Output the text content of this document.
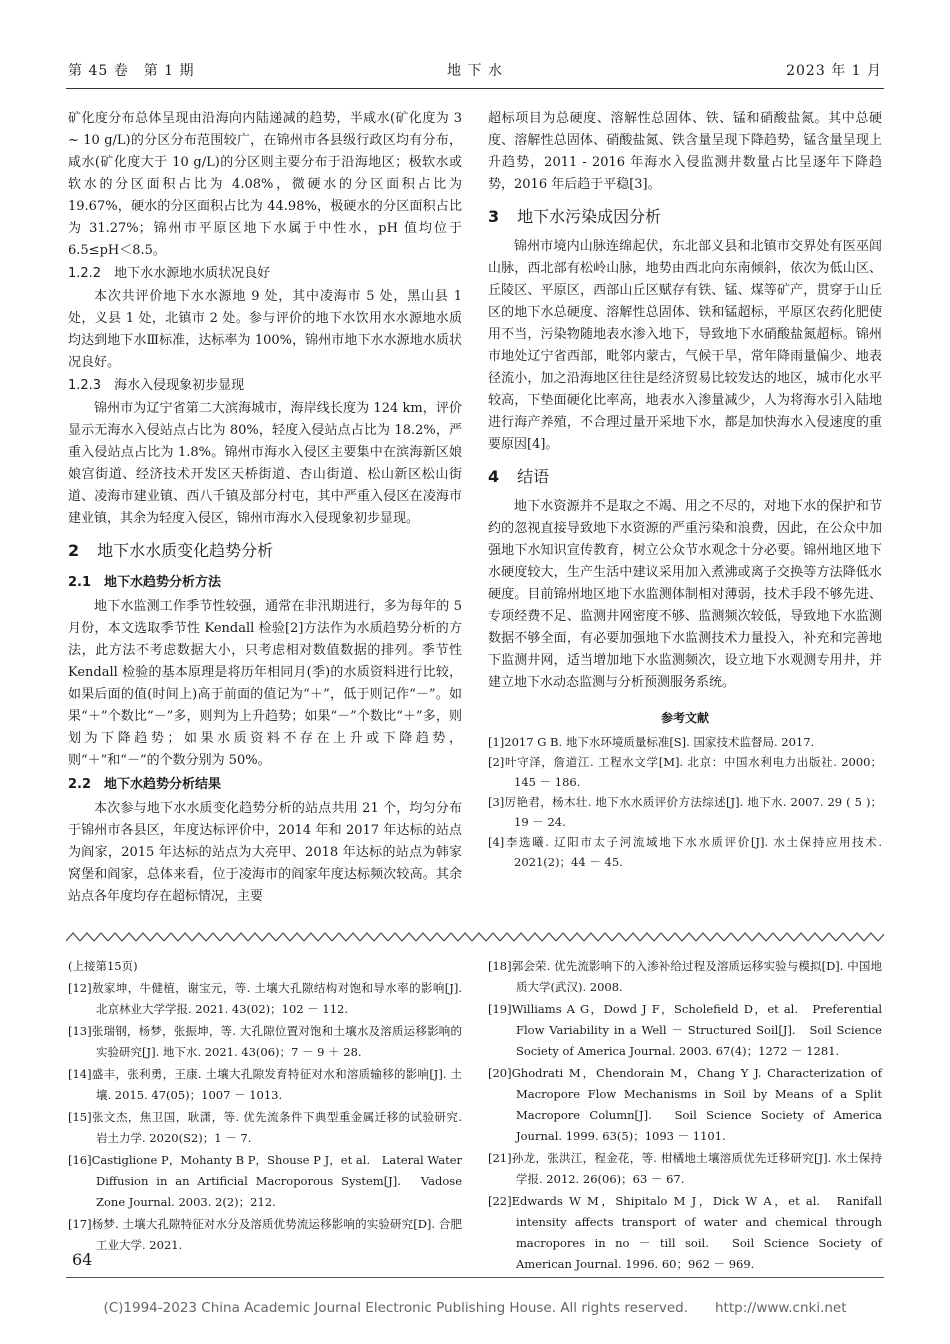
第 45 卷　第 1 期	地 下 水	2023 年 1 月

矿化度分布总体呈现由沿海向内陆递减的趋势，半咸水(矿化度为 3 ~ 10 g/L)的分区分布范围较广，在锦州市各县级行政区均有分布，咸水(矿化度大于 10 g/L)的分区则主要分布于沿海地区；极软水或软水的分区面积占比为 4.08%，微硬水的分区面积占比为 19.67%，硬水的分区面积占比为 44.98%，极硬水的分区面积占比为 31.27%；锦州市平原区地下水属于中性水，pH 值均位于 6.5≤pH＜8.5。

1.2.2　地下水水源地水质状况良好

本次共评价地下水水源地 9 处，其中凌海市 5 处，黑山县 1 处，义县 1 处，北镇市 2 处。参与评价的地下水饮用水水源地水质均达到地下水Ⅲ标准，达标率为 100%，锦州市地下水水源地水质状况良好。

1.2.3　海水入侵现象初步显现

锦州市为辽宁省第二大滨海城市，海岸线长度为 124 km，评价显示无海水入侵站点占比为 80%，轻度入侵站点占比为 18.2%，严重入侵站点占比为 1.8%。锦州市海水入侵区主要集中在滨海新区娘娘宫街道、经济技术开发区天桥街道、杏山街道、松山新区松山街道、凌海市建业镇、西八千镇及部分村屯，其中严重入侵区在凌海市建业镇，其余为轻度入侵区，锦州市海水入侵现象初步显现。

2 地下水水质变化趋势分析

2.1　地下水趋势分析方法

地下水监测工作季节性较强，通常在非汛期进行，多为每年的 5 月份，本文选取季节性 Kendall 检验[2]方法作为水质趋势分析的方法，此方法不考虑数据大小，只考虑相对数值数据的排列。季节性 Kendall 检验的基本原理是将历年相同月(季)的水质资料进行比较，如果后面的值(时间上)高于前面的值记为“＋”，低于则记作“－”。如果“＋”个数比“－”多，则判为上升趋势；如果“－”个数比“＋”多，则划为下降趋势；如果水质资料不存在上升或下降趋势，则“＋”和“－”的个数分别为 50%。

2.2　地下水趋势分析结果

本次参与地下水水质变化趋势分析的站点共用 21 个，均匀分布于锦州市各县区，年度达标评价中，2014 年和 2017 年达标的站点为阎家，2015 年达标的站点为大亮甲、2018 年达标的站点为韩家窝堡和阎家，总体来看，位于凌海市的阎家年度达标频次较高。其余站点各年度均存在超标情况，主要

超标项目为总硬度、溶解性总固体、铁、锰和硝酸盐氮。其中总硬度、溶解性总固体、硝酸盐氮、铁含量呈现下降趋势，锰含量呈现上升趋势，2011 - 2016 年海水入侵监测井数量占比呈逐年下降趋势，2016 年后趋于平稳[3]。

3 地下水污染成因分析

锦州市境内山脉连绵起伏，东北部义县和北镇市交界处有医巫闾山脉，西北部有松岭山脉，地势由西北向东南倾斜，依次为低山区、丘陵区、平原区，西部山丘区赋存有铁、锰、煤等矿产，贯穿于山丘区的地下水总硬度、溶解性总固体、铁和锰超标，平原区农药化肥使用不当，污染物随地表水渗入地下，导致地下水硝酸盐氮超标。锦州市地处辽宁省西部，毗邻内蒙古，气候干旱，常年降雨量偏少、地表径流小，加之沿海地区往往是经济贸易比较发达的地区，城市化水平较高，下垫面硬化比率高，地表水入渗量减少，人为将海水引入陆地进行海产养殖，不合理过量开采地下水，都是加快海水入侵速度的重要原因[4]。

4 结语

地下水资源并不是取之不竭、用之不尽的，对地下水的保护和节约的忽视直接导致地下水资源的严重污染和浪费，因此，在公众中加强地下水知识宣传教育，树立公众节水观念十分必要。锦州地区地下水硬度较大，生产生活中建议采用加入煮沸或离子交换等方法降低水硬度。目前锦州地区地下水监测体制相对薄弱，技术手段不够先进、专项经费不足、监测井网密度不够、监测频次较低，导致地下水监测数据不够全面，有必要加强地下水监测技术力量投入，补充和完善地下监测井网，适当增加地下水监测频次，设立地下水观测专用井，并建立地下水动态监测与分析预测服务系统。

参考文献

[1]2017 G B. 地下水环境质量标准[S]. 国家技术监督局. 2017.

[2]叶守泽，詹道江. 工程水文学[M]. 北京：中国水利电力出版社. 2000；145 － 186.

[3]厉艳君，杨木壮. 地下水水质评价方法综述[J]. 地下水. 2007. 29 ( 5 )；19 － 24.

[4]李选曦. 辽阳市太子河流域地下水水质评价[J]. 水土保持应用技术. 2021(2)；44 － 45.

(上接第15页)

[12]敖家坤，牛健植，谢宝元，等. 土壤大孔隙结构对饱和导水率的影响[J]. 北京林业大学学报. 2021. 43(02)；102 － 112.

[13]张瑞钢，杨梦，张振坤，等. 大孔隙位置对饱和土壤水及溶质运移影响的实验研究[J]. 地下水. 2021. 43(06)；7 － 9 ＋ 28.

[14]盛丰，张利勇，王康. 土壤大孔隙发育特征对水和溶质输移的影响[J]. 土壤. 2015. 47(05)；1007 － 1013.

[15]张文杰，焦卫国，耿潇，等. 优先流条件下典型重金属迁移的试验研究. 岩土力学. 2020(S2)；1 － 7.

[16]Castiglione P，Mohanty B P，Shouse P J，et al.　Lateral Water Diffusion in an Artificial Macroporous System[J].　Vadose Zone Journal. 2003. 2(2)；212.

[17]杨梦. 土壤大孔隙特征对水分及溶质优势流运移影响的实验研究[D]. 合肥工业大学. 2021.

[18]郭会荣. 优先流影响下的入渗补给过程及溶质运移实验与模拟[D]. 中国地质大学(武汉). 2008.

[19]Williams A G，Dowd J F，Scholefield D，et al.　Preferential Flow Variability in a Well － Structured Soil[J].　Soil Science Society of America Journal. 2003. 67(4)；1272 － 1281.

[20]Ghodrati M，Chendorain M，Chang Y J. Characterization of Macropore Flow Mechanisms in Soil by Means of a Split Macropore Column[J].　Soil Science Society of America Journal. 1999. 63(5)；1093 － 1101.

[21]孙龙，张洪江，程金花，等. 柑橘地土壤溶质优先迁移研究[J]. 水土保持学报. 2012. 26(06)；63 － 67.

[22]Edwards W M，Shipitalo M J，Dick W A，et al.　Ranifall intensity affects transport of water and chemical through macropores in no － till soil.　Soil Science Society of American Journal. 1996. 60；962 － 969.

64
(C)1994-2023 China Academic Journal Electronic Publishing House. All rights reserved.　　http://www.cnki.net
